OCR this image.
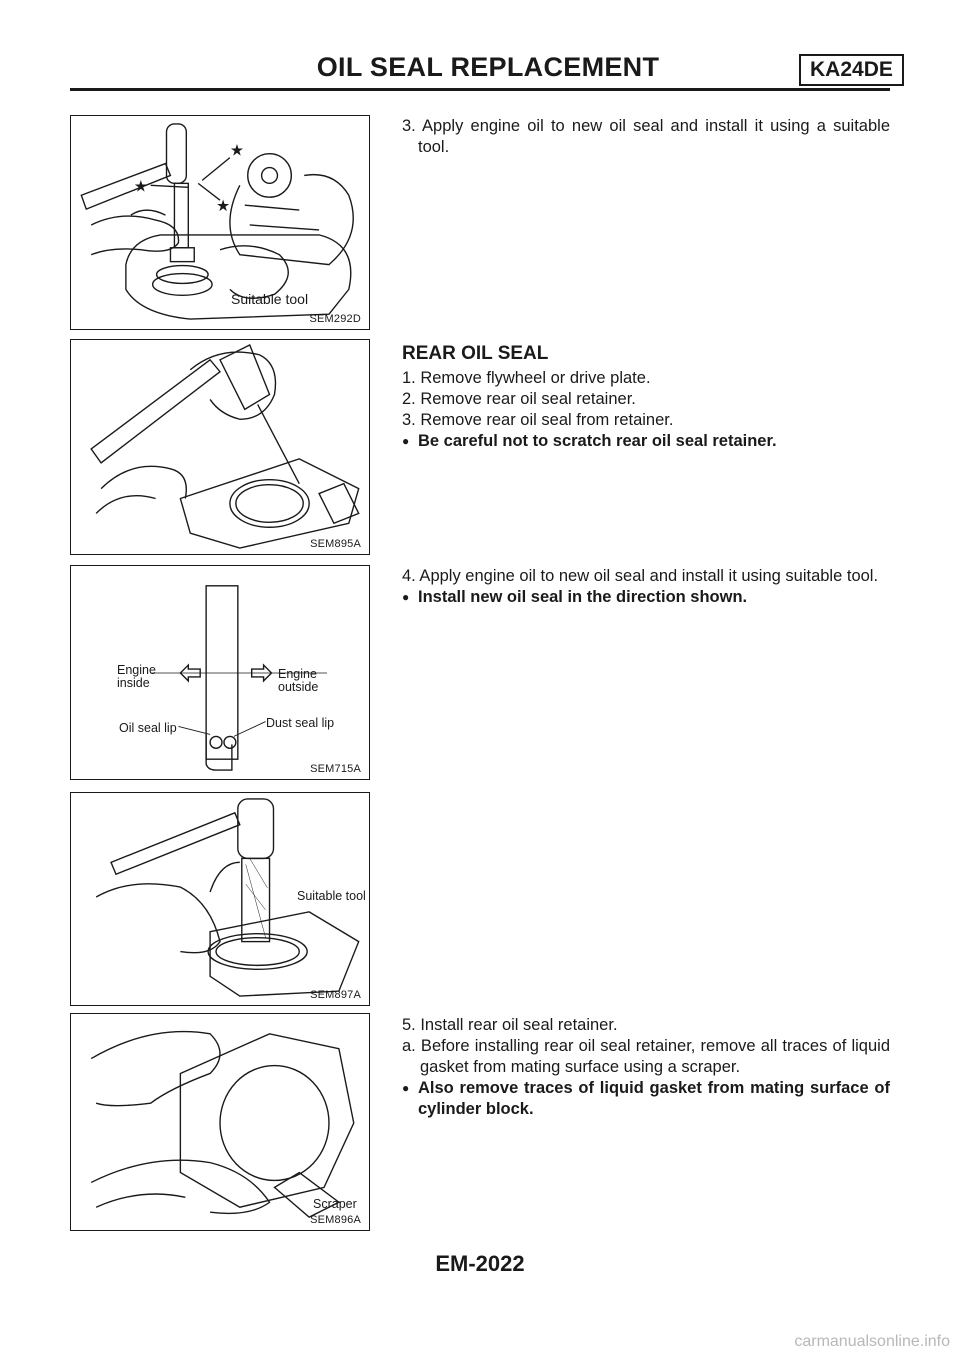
OIL SEAL REPLACEMENT	KA24DE
★
★
★
Suitable tool
SEM292D
SEM895A
Engine
inside
Engine
outside
Oil seal lip	Dust seal lip
SEM715A
Suitable tool
SEM897A
Scraper
SEM896A

3. Apply engine oil to new oil seal and install it using a suitable tool.

REAR OIL SEAL

1. Remove flywheel or drive plate.

2. Remove rear oil seal retainer.

3. Remove rear oil seal from retainer.

● Be careful not to scratch rear oil seal retainer.

4. Apply engine oil to new oil seal and install it using suitable tool.

● Install new oil seal in the direction shown.

5. Install rear oil seal retainer.

a. Before installing rear oil seal retainer, remove all traces of liquid gasket from mating surface using a scraper.

● Also remove traces of liquid gasket from mating surface of cylinder block.

EM-2022
carmanualsonline.info
